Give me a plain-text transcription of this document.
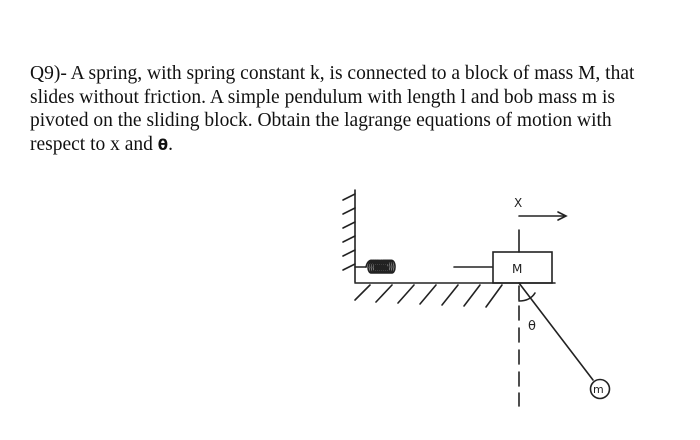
Q9)- A spring, with spring constant k, is connected to a block of mass M, that
slides without friction. A simple pendulum with length l and bob mass m is
pivoted on the sliding block. Obtain the lagrange equations of motion with
respect to x and θ.
X
M
θ
m
